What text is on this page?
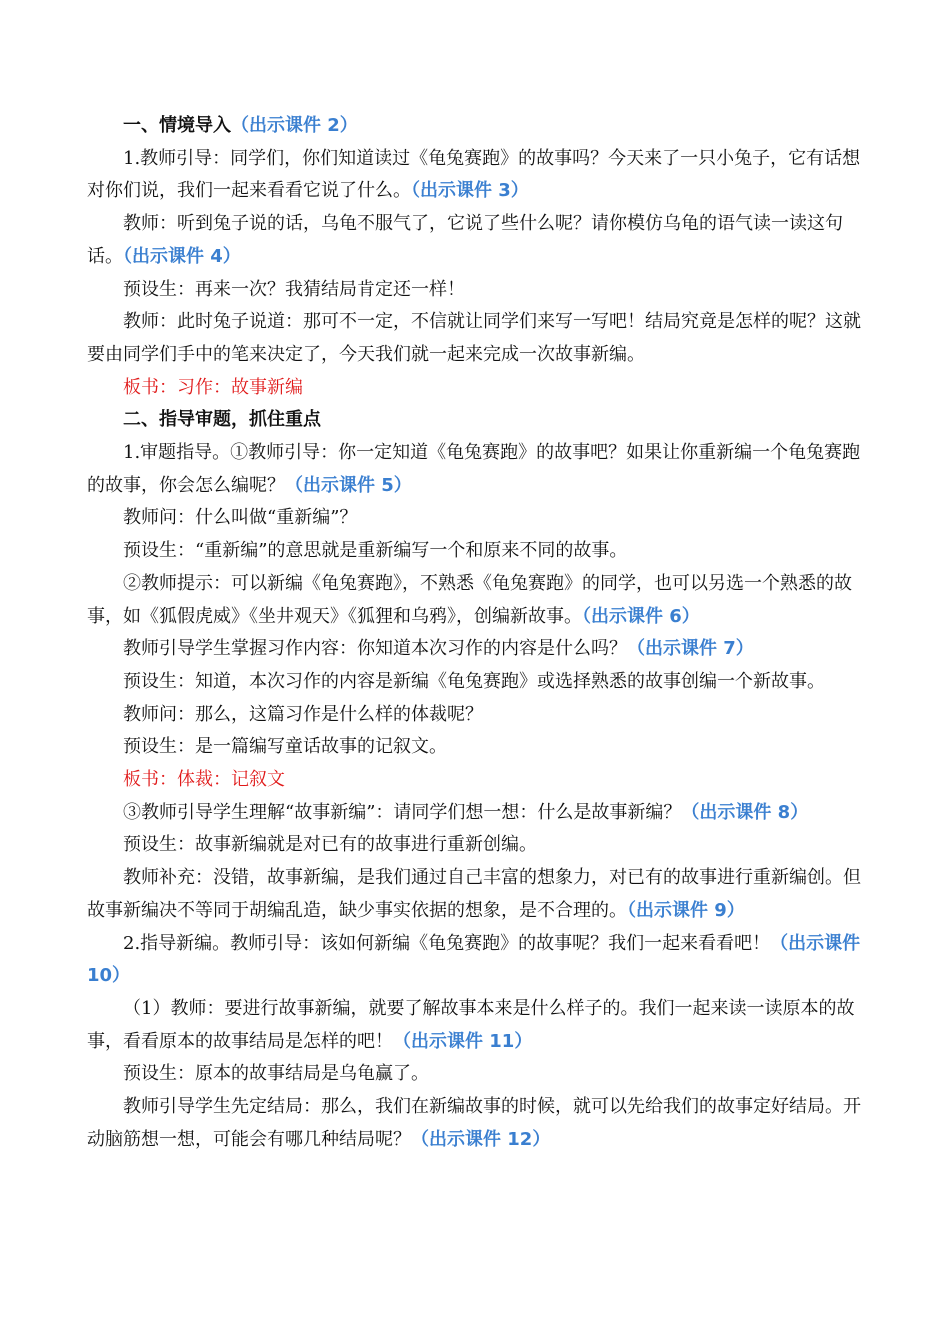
一、情境导入（出示课件 2）

1.教师引导：同学们，你们知道读过《龟兔赛跑》的故事吗？今天来了一只小兔子，它有话想对你们说，我们一起来看看它说了什么。（出示课件 3）

教师：听到兔子说的话，乌龟不服气了，它说了些什么呢？请你模仿乌龟的语气读一读这句话。（出示课件 4）

预设生：再来一次？我猜结局肯定还一样！

教师：此时兔子说道：那可不一定，不信就让同学们来写一写吧！结局究竟是怎样的呢？这就要由同学们手中的笔来决定了，今天我们就一起来完成一次故事新编。

板书：习作：故事新编

二、指导审题，抓住重点

1.审题指导。①教师引导：你一定知道《龟兔赛跑》的故事吧？如果让你重新编一个龟兔赛跑的故事，你会怎么编呢？（出示课件 5）

教师问：什么叫做“重新编”？

预设生：“重新编”的意思就是重新编写一个和原来不同的故事。

②教师提示：可以新编《龟兔赛跑》，不熟悉《龟兔赛跑》的同学，也可以另选一个熟悉的故事，如《狐假虎威》《坐井观天》《狐狸和乌鸦》，创编新故事。（出示课件 6）

教师引导学生掌握习作内容：你知道本次习作的内容是什么吗？（出示课件 7）

预设生：知道，本次习作的内容是新编《龟兔赛跑》或选择熟悉的故事创编一个新故事。

教师问：那么，这篇习作是什么样的体裁呢？

预设生：是一篇编写童话故事的记叙文。

板书：体裁：记叙文

③教师引导学生理解“故事新编”：请同学们想一想：什么是故事新编？（出示课件 8）

预设生：故事新编就是对已有的故事进行重新创编。

教师补充：没错，故事新编，是我们通过自己丰富的想象力，对已有的故事进行重新编创。但故事新编决不等同于胡编乱造，缺少事实依据的想象，是不合理的。（出示课件 9）

2.指导新编。教师引导：该如何新编《龟兔赛跑》的故事呢？我们一起来看看吧！（出示课件 10）

（1）教师：要进行故事新编，就要了解故事本来是什么样子的。我们一起来读一读原本的故事，看看原本的故事结局是怎样的吧！（出示课件 11）

预设生：原本的故事结局是乌龟赢了。

教师引导学生先定结局：那么，我们在新编故事的时候，就可以先给我们的故事定好结局。开动脑筋想一想，可能会有哪几种结局呢？（出示课件 12）
